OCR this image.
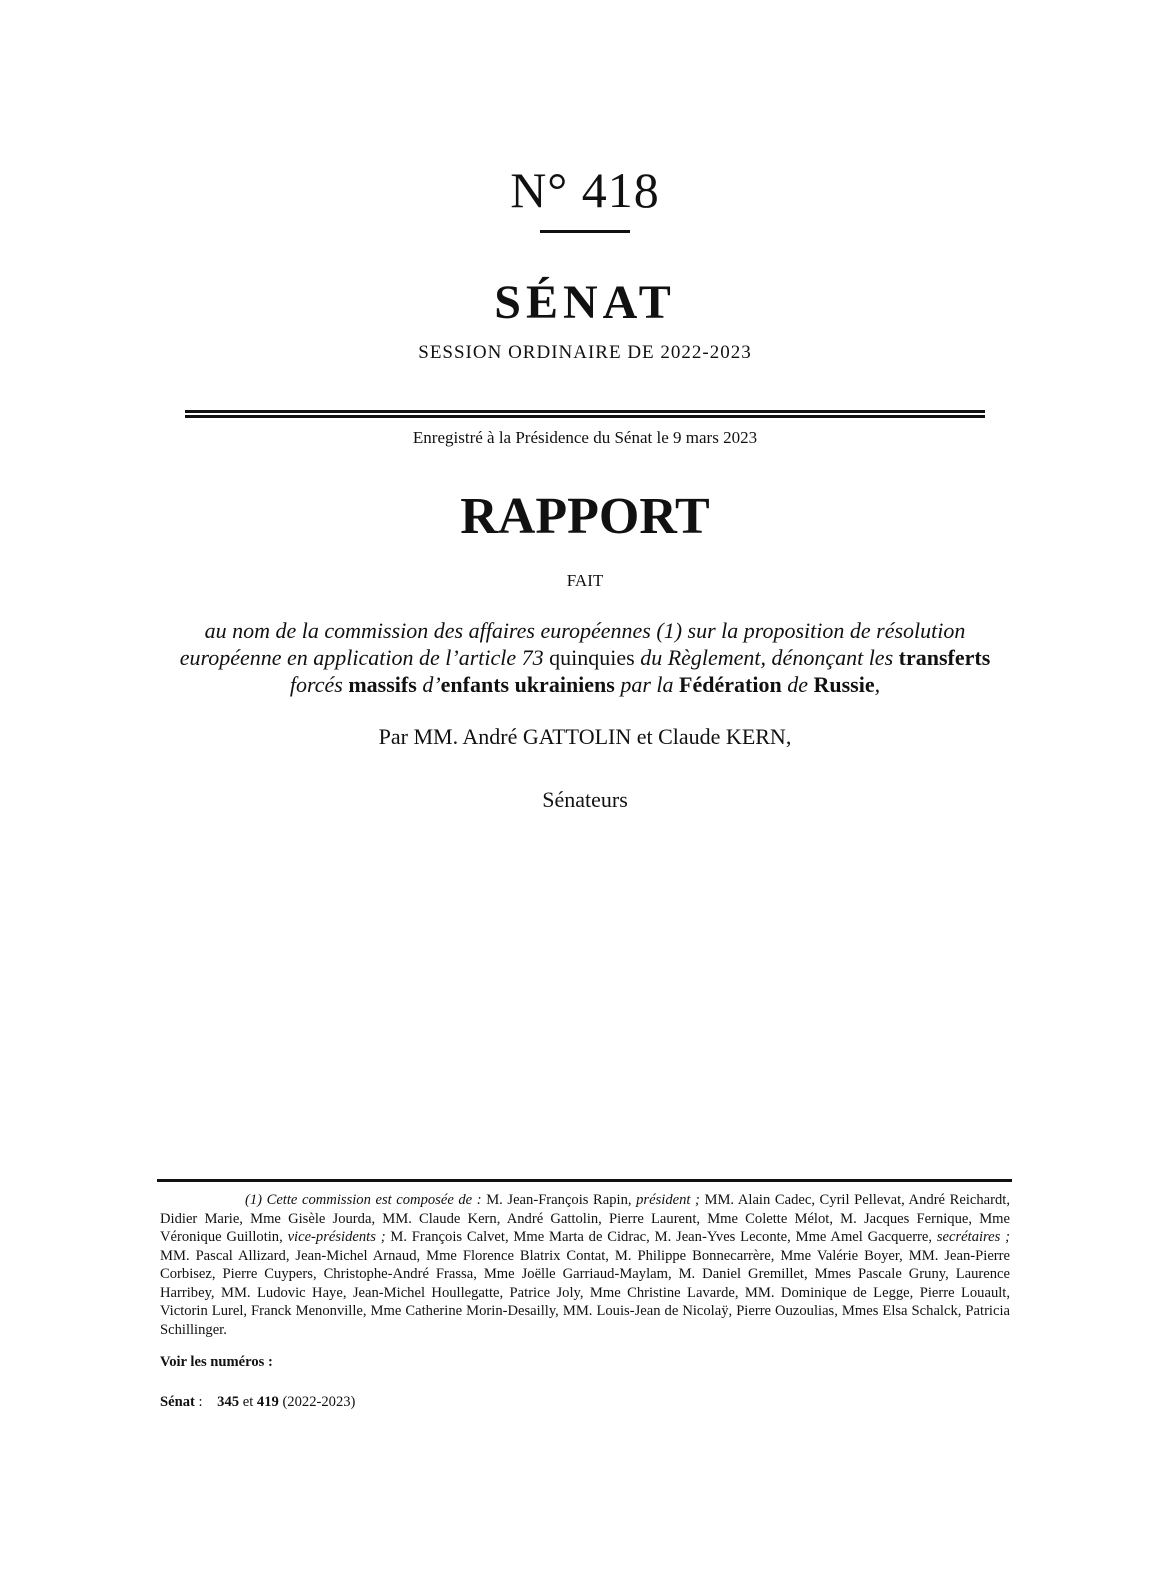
N° 418
SÉNAT
SESSION ORDINAIRE DE 2022-2023
Enregistré à la Présidence du Sénat le 9 mars 2023
RAPPORT
FAIT
au nom de la commission des affaires européennes (1) sur la proposition de résolution européenne en application de l’article 73 quinquies du Règlement, dénonçant les transferts forcés massifs d’enfants ukrainiens par la Fédération de Russie,
Par MM. André GATTOLIN et Claude KERN,
Sénateurs
(1) Cette commission est composée de : M. Jean-François Rapin, président ; MM. Alain Cadec, Cyril Pellevat, André Reichardt, Didier Marie, Mme Gisèle Jourda, MM. Claude Kern, André Gattolin, Pierre Laurent, Mme Colette Mélot, M. Jacques Fernique, Mme Véronique Guillotin, vice-présidents ; M. François Calvet, Mme Marta de Cidrac, M. Jean-Yves Leconte, Mme Amel Gacquerre, secrétaires ; MM. Pascal Allizard, Jean-Michel Arnaud, Mme Florence Blatrix Contat, M. Philippe Bonnecarrère, Mme Valérie Boyer, MM. Jean-Pierre Corbisez, Pierre Cuypers, Christophe-André Frassa, Mme Joëlle Garriaud-Maylam, M. Daniel Gremillet, Mmes Pascale Gruny, Laurence Harribey, MM. Ludovic Haye, Jean-Michel Houllegatte, Patrice Joly, Mme Christine Lavarde, MM. Dominique de Legge, Pierre Louault, Victorin Lurel, Franck Menonville, Mme Catherine Morin-Desailly, MM. Louis-Jean de Nicolaÿ, Pierre Ouzoulias, Mmes Elsa Schalck, Patricia Schillinger.
Voir les numéros :
Sénat :    345 et 419 (2022-2023)
